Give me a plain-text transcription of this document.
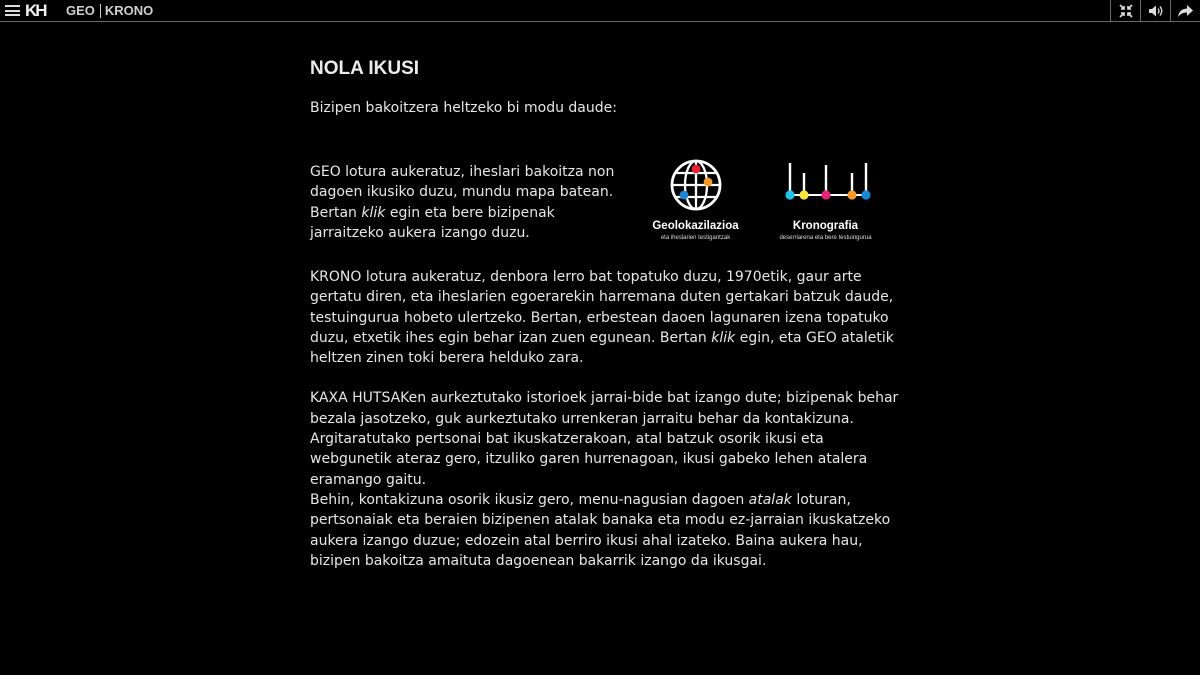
KH GEO KRONO
NOLA IKUSI
Bizipen bakoitzera heltzeko bi modu daude:

GEO lotura aukeratuz, iheslari bakoitza non dagoen ikusiko duzu, mundu mapa batean. Bertan klik egin eta bere bizipenak jarraitzeko aukera izango duzu.	Geolokazilazioa
eta iheslarien testigantzak
Kronografia
deserriarena eta bere testuingurua

KRONO lotura aukeratuz, denbora lerro bat topatuko duzu, 1970etik, gaur arte gertatu diren, eta iheslarien egoerarekin harremana duten gertakari batzuk daude, testuingurua hobeto ulertzeko. Bertan, erbestean daoen lagunaren izena topatuko duzu, etxetik ihes egin behar izan zuen egunean. Bertan klik egin, eta GEO ataletik heltzen zinen toki berera helduko zara.

KAXA HUTSAKen aurkeztutako istorioek jarrai-bide bat izango dute; bizipenak behar bezala jasotzeko, guk aurkeztutako urrenkeran jarraitu behar da kontakizuna.

Argitaratutako pertsonai bat ikuskatzerakoan, atal batzuk osorik ikusi eta webgunetik ateraz gero, itzuliko garen hurrenagoan, ikusi gabeko lehen atalera eramango gaitu.

Behin, kontakizuna osorik ikusiz gero, menu-nagusian dagoen atalak loturan, pertsonaiak eta beraien bizipenen atalak banaka eta modu ez-jarraian ikuskatzeko aukera izango duzue; edozein atal berriro ikusi ahal izateko. Baina aukera hau, bizipen bakoitza amaituta dagoenean bakarrik izango da ikusgai.
